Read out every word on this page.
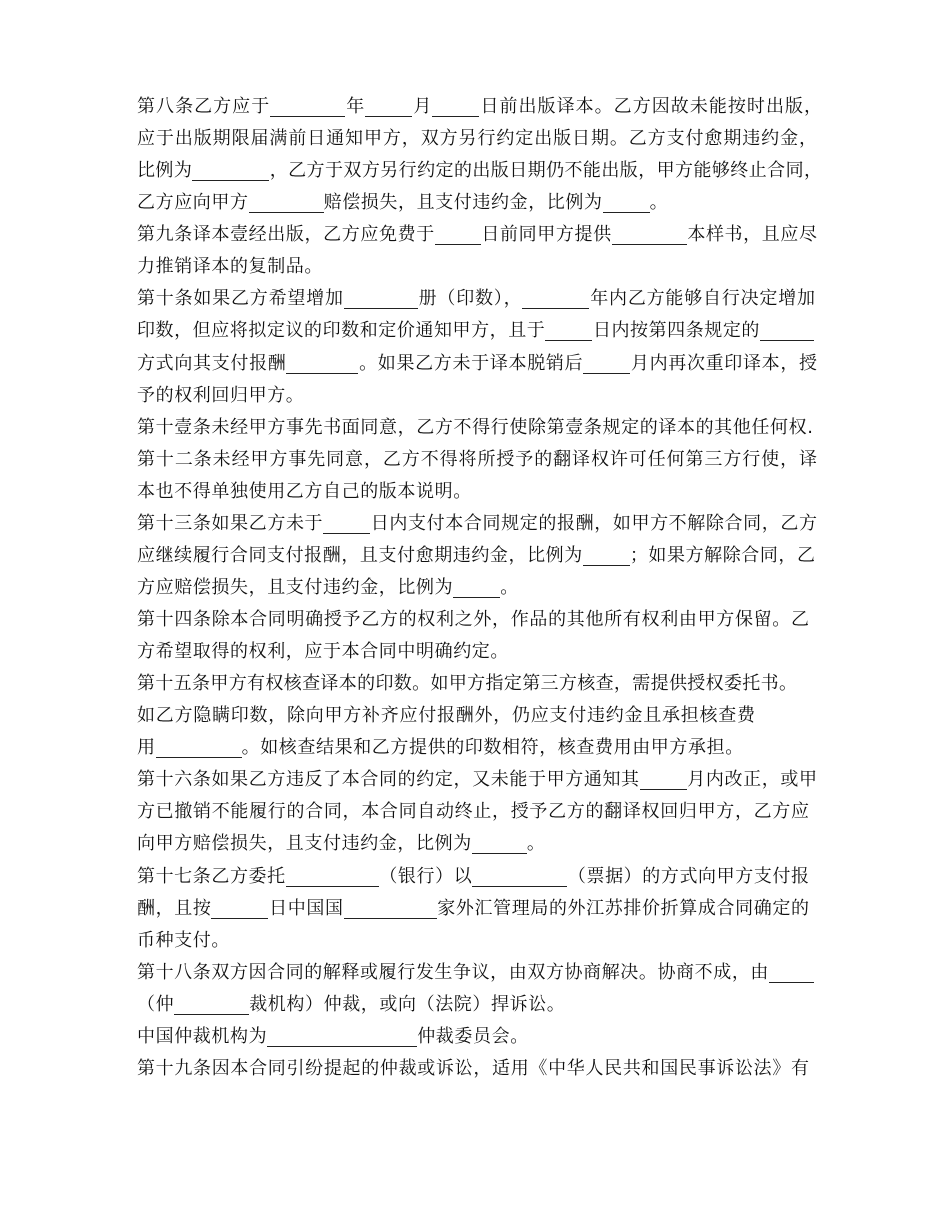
第八条乙方应于	年	月	日前出版译本。乙方因故未能按时出版，
应于出版期限届满前日通知甲方，双方另行约定出版日期。乙方支付愈期违约金，
比例为	，乙方于双方另行约定的出版日期仍不能出版，甲方能够终止合同，
乙方应向甲方	赔偿损失，且支付违约金，比例为	。
第九条译本壹经出版，乙方应免费于	日前同甲方提供	本样书，且应尽
力推销译本的复制品。
第十条如果乙方希望增加	册（印数），	年内乙方能够自行决定增加
印数，但应将拟定议的印数和定价通知甲方，且于	日内按第四条规定的
方式向其支付报酬	。如果乙方未于译本脱销后	月内再次重印译本，授
予的权利回归甲方。
第十壹条未经甲方事先书面同意，乙方不得行使除第壹条规定的译本的其他任何权.
第十二条未经甲方事先同意，乙方不得将所授予的翻译权许可任何第三方行使，译
本也不得单独使用乙方自己的版本说明。
第十三条如果乙方未于	日内支付本合同规定的报酬，如甲方不解除合同，乙方
应继续履行合同支付报酬，且支付愈期违约金，比例为	；如果方解除合同，乙
方应赔偿损失，且支付违约金，比例为	。
第十四条除本合同明确授予乙方的权利之外，作品的其他所有权利由甲方保留。乙
方希望取得的权利，应于本合同中明确约定。
第十五条甲方有权核查译本的印数。如甲方指定第三方核查，需提供授权委托书。
如乙方隐瞒印数，除向甲方补齐应付报酬外，仍应支付违约金且承担核查费
用	。如核查结果和乙方提供的印数相符，核查费用由甲方承担。
第十六条如果乙方违反了本合同的约定，又未能于甲方通知其	月内改正，或甲
方已撤销不能履行的合同，本合同自动终止，授予乙方的翻译权回归甲方，乙方应
向甲方赔偿损失，且支付违约金，比例为	。
第十七条乙方委托	（银行）以	（票据）的方式向甲方支付报
酬，且按	日中国国	家外汇管理局的外江苏排价折算成合同确定的
币种支付。
第十八条双方因合同的解释或履行发生争议，由双方协商解决。协商不成，由
（仲	裁机构）仲裁，或向（法院）捍诉讼。
中国仲裁机构为	仲裁委员会。
第十九条因本合同引纷提起的仲裁或诉讼，适用《中华人民共和国民事诉讼法》有
